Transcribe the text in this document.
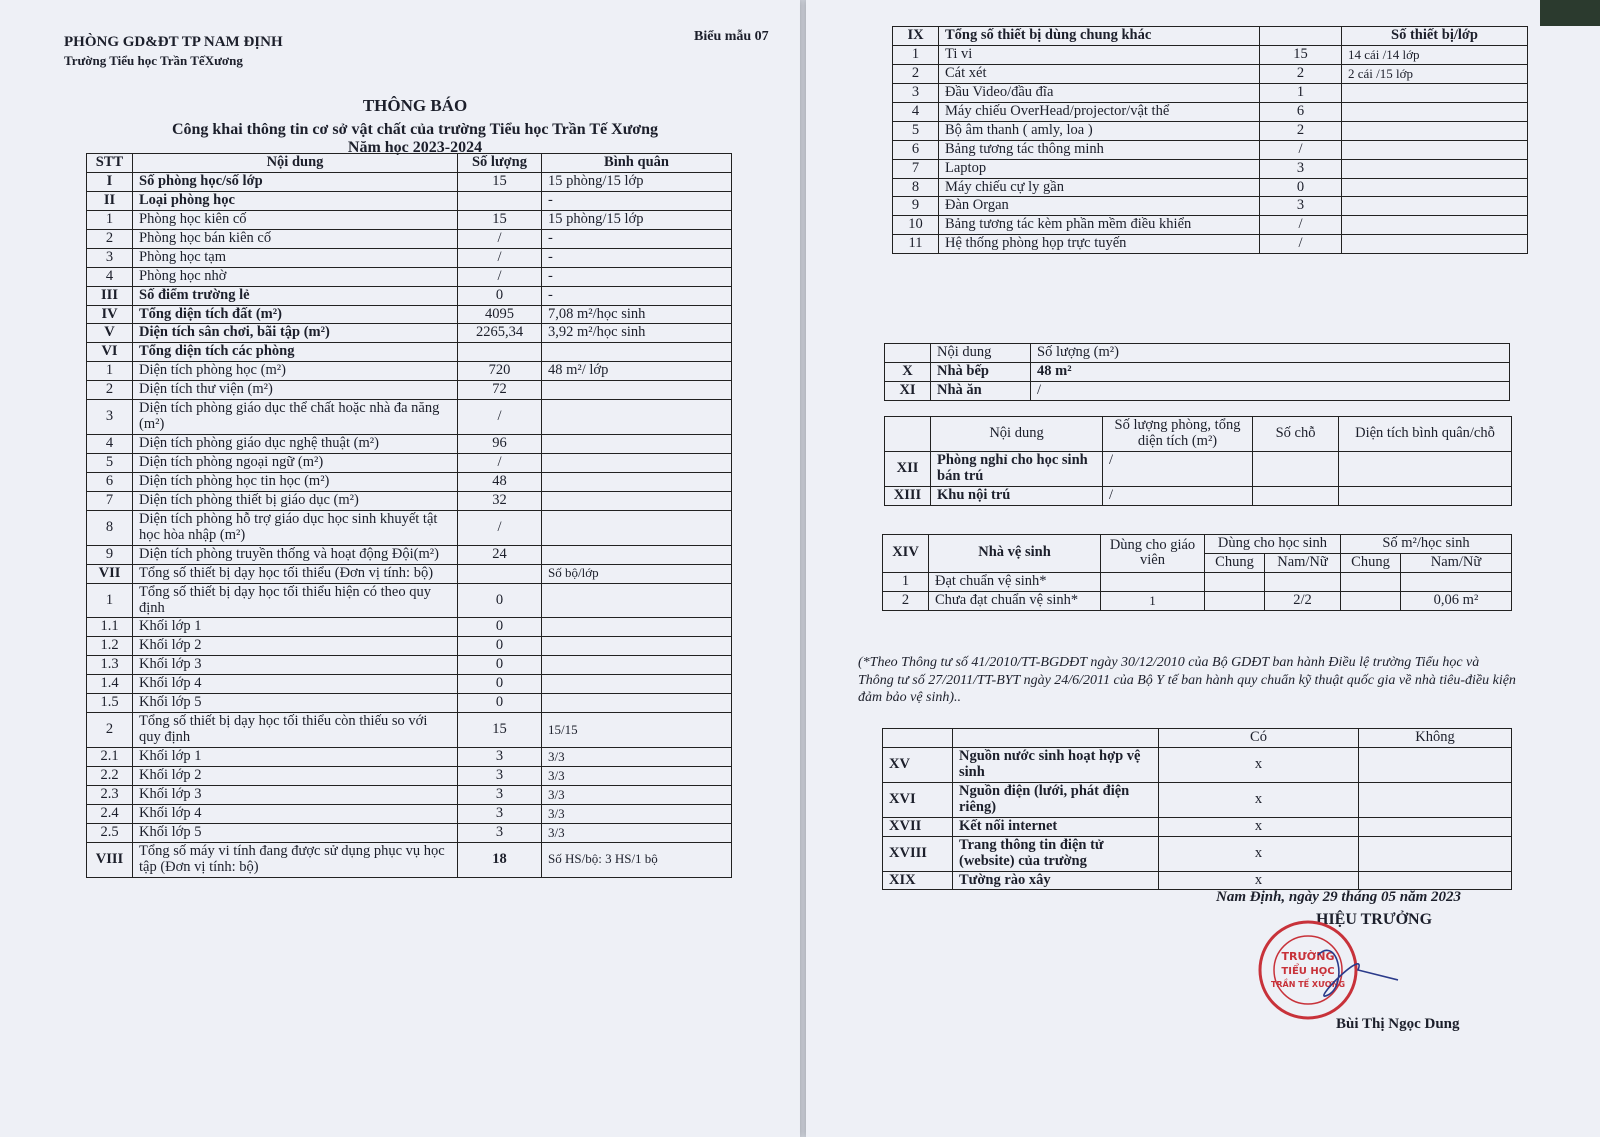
PHÒNG GD&ĐT TP NAM ĐỊNH
Trường Tiểu học Trần TếXương
Biểu mẫu 07
THÔNG BÁO
Công khai thông tin cơ sở vật chất của trường Tiểu học Trần Tế Xương
Năm học 2023-2024
STT	Nội dung	Số lượng	Bình quân
I	Số phòng học/số lớp	15	15 phòng/15 lớp
II	Loại phòng học		-
1	Phòng học kiên cố	15	15 phòng/15 lớp
2	Phòng học bán kiên cố	/	-
3	Phòng học tạm	/	-
4	Phòng học nhờ	/	-
III	Số điểm trường lẻ	0	-
IV	Tổng diện tích đất (m²)	4095	7,08 m²/học sinh
V	Diện tích sân chơi, bãi tập (m²)	2265,34	3,92 m²/học sinh
VI	Tổng diện tích các phòng		
1	Diện tích phòng học (m²)	720	48 m²/ lớp
2	Diện tích thư viện (m²)	72	
3	Diện tích phòng giáo dục thể chất hoặc nhà đa năng (m²)	/	
4	Diện tích phòng giáo dục nghệ thuật (m²)	96	
5	Diện tích phòng ngoại ngữ (m²)	/	
6	Diện tích phòng học tin học (m²)	48	
7	Diện tích phòng thiết bị giáo dục (m²)	32	
8	Diện tích phòng hỗ trợ giáo dục học sinh khuyết tật học hòa nhập (m²)	/	
9	Diện tích phòng truyền thống và hoạt động Đội(m²)	24	
VII	Tổng số thiết bị dạy học tối thiểu (Đơn vị tính: bộ)		Số bộ/lớp
1	Tổng số thiết bị dạy học tối thiểu hiện có theo quy định	0	
1.1	Khối lớp 1	0	
1.2	Khối lớp 2	0	
1.3	Khối lớp 3	0	
1.4	Khối lớp 4	0	
1.5	Khối lớp 5	0	
2	Tổng số thiết bị dạy học tối thiểu còn thiếu so với quy định	15	15/15
2.1	Khối lớp 1	3	3/3
2.2	Khối lớp 2	3	3/3
2.3	Khối lớp 3	3	3/3
2.4	Khối lớp 4	3	3/3
2.5	Khối lớp 5	3	3/3
VIII	Tổng số máy vi tính đang được sử dụng phục vụ học tập (Đơn vị tính: bộ)	18	Số HS/bộ: 3 HS/1 bộ
IX	Tổng số thiết bị dùng chung khác		Số thiết bị/lớp
1	Ti vi	15	14 cái /14 lớp
2	Cát xét	2	2 cái /15 lớp
3	Đầu Video/đầu đĩa	1	
4	Máy chiếu OverHead/projector/vật thể	6	
5	Bộ âm thanh ( amly, loa )	2	
6	Bảng tương tác thông minh	/	
7	Laptop	3	
8	Máy chiếu cự ly gần	0	
9	Đàn Organ	3	
10	Bảng tương tác kèm phần mềm điều khiển	/	
11	Hệ thống phòng họp trực tuyến	/	
	Nội dung	Số lượng (m²)
X	Nhà bếp	48 m²
XI	Nhà ăn	/
	Nội dung	Số lượng phòng, tổng diện tích (m²)	Số chỗ	Diện tích bình quân/chỗ
XII	Phòng nghỉ cho học sinh bán trú	/		
XIII	Khu nội trú	/		
XIV	Nhà vệ sinh	Dùng cho giáo viên	Dùng cho học sinh		Số m²/học sinh	
			Chung	Nam/Nữ	Chung	Nam/Nữ
1	Đạt chuẩn vệ sinh*					
2	Chưa đạt chuẩn vệ sinh*	1		2/2		0,06 m²
(*Theo Thông tư số 41/2010/TT-BGDĐT ngày 30/12/2010 của Bộ GDĐT ban hành Điều lệ trường Tiểu học và Thông tư số 27/2011/TT-BYT ngày 24/6/2011 của Bộ Y tế ban hành quy chuẩn kỹ thuật quốc gia về nhà tiêu-điều kiện đảm bảo vệ sinh)..
		Có	Không
XV	Nguồn nước sinh hoạt hợp vệ sinh	x	
XVI	Nguồn điện (lưới, phát điện riêng)	x	
XVII	Kết nối internet	x	
XVIII	Trang thông tin điện tử (website) của trường	x	
XIX	Tường rào xây	x	
Nam Định, ngày 29 tháng 05 năm 2023
HIỆU TRƯỞNG
TRƯỜNG
TIỂU HỌC
TRẦN TẾ XƯƠNG
Bùi Thị Ngọc Dung
